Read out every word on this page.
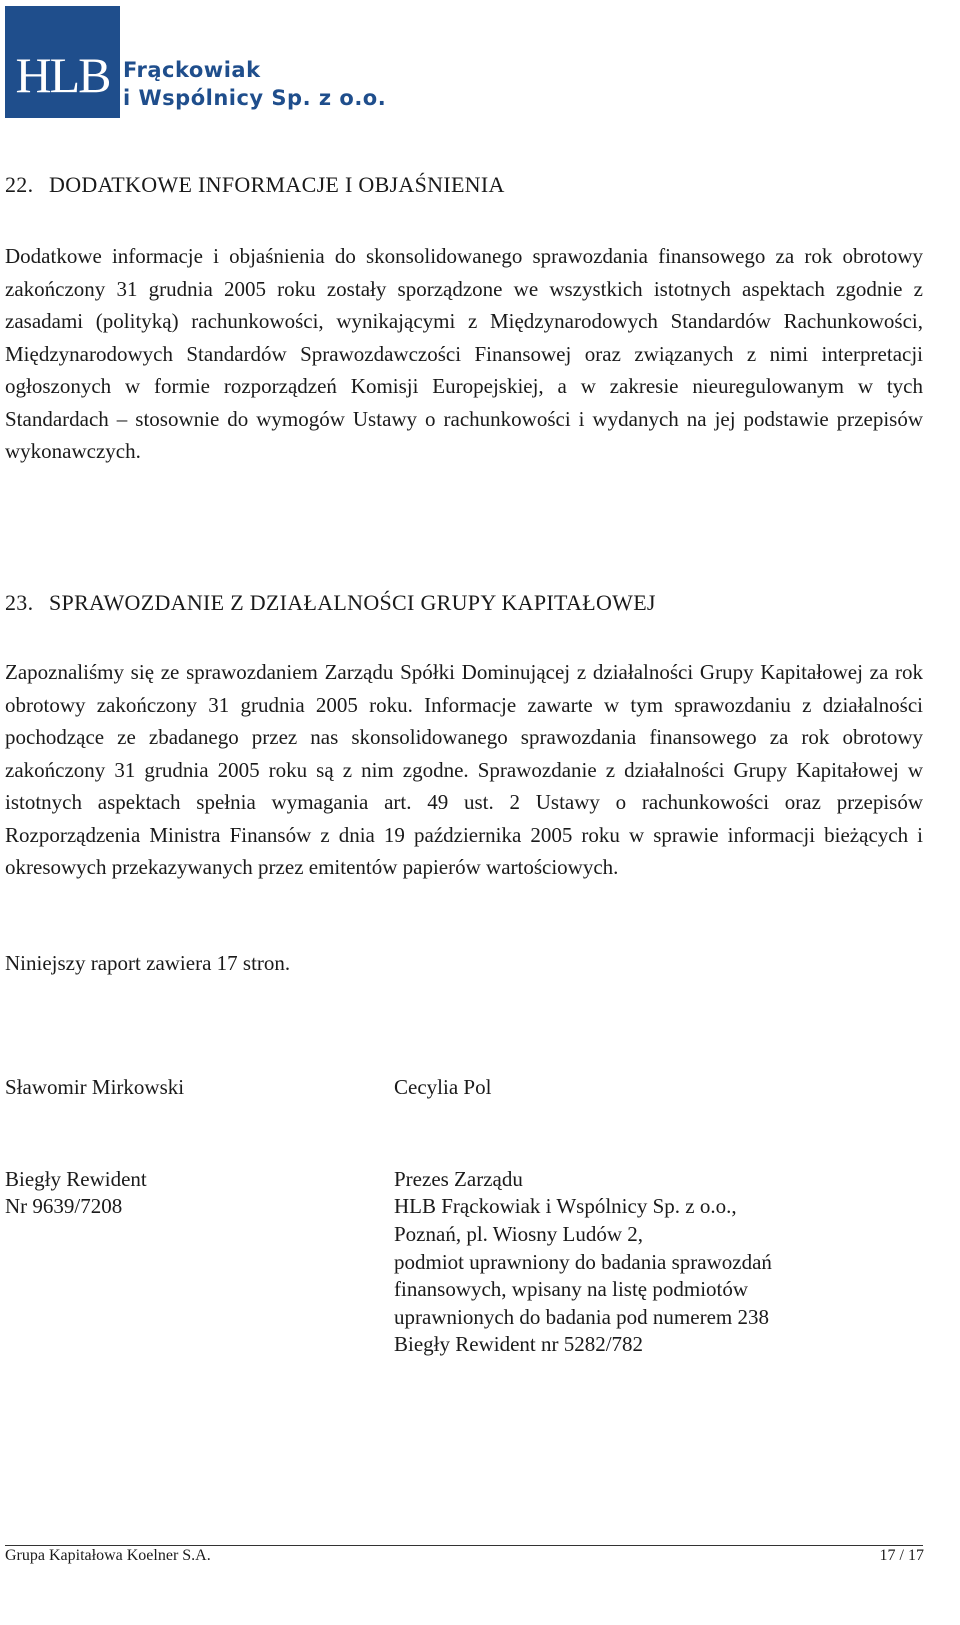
HLB Frąckowiak
i Wspólnicy Sp. z o.o.
22. DODATKOWE INFORMACJE I OBJAŚNIENIA

Dodatkowe informacje i objaśnienia do skonsolidowanego sprawozdania finansowego za rok obrotowy zakończony 31 grudnia 2005 roku zostały sporządzone we wszystkich istotnych aspektach zgodnie z zasadami (polityką) rachunkowości, wynikającymi z Międzynarodowych Standardów Rachunkowości, Międzynarodowych Standardów Sprawozdawczości Finansowej oraz związanych z nimi interpretacji ogłoszonych w formie rozporządzeń Komisji Europejskiej, a w zakresie nieuregulowanym w tych Standardach – stosownie do wymogów Ustawy o rachunkowości i wydanych na jej podstawie przepisów wykonawczych.

23. SPRAWOZDANIE Z DZIAŁALNOŚCI GRUPY KAPITAŁOWEJ

Zapoznaliśmy się ze sprawozdaniem Zarządu Spółki Dominującej z działalności Grupy Kapitałowej za rok obrotowy zakończony 31 grudnia 2005 roku. Informacje zawarte w tym sprawozdaniu z działalności pochodzące ze zbadanego przez nas skonsolidowanego sprawozdania finansowego za rok obrotowy zakończony 31 grudnia 2005 roku są z nim zgodne. Sprawozdanie z działalności Grupy Kapitałowej w istotnych aspektach spełnia wymagania art. 49 ust. 2 Ustawy o rachunkowości oraz przepisów Rozporządzenia Ministra Finansów z dnia 19 października 2005 roku w sprawie informacji bieżących i okresowych przekazywanych przez emitentów papierów wartościowych.

Niniejszy raport zawiera 17 stron.
Sławomir Mirkowski	Cecylia Pol
Biegły Rewident
Nr 9639/7208
Prezes Zarządu
HLB Frąckowiak i Wspólnicy Sp. z o.o.,
Poznań, pl. Wiosny Ludów 2,
podmiot uprawniony do badania sprawozdań
finansowych, wpisany na listę podmiotów
uprawnionych do badania pod numerem 238
Biegły Rewident nr 5282/782
Grupa Kapitałowa Koelner S.A.	17 / 17
